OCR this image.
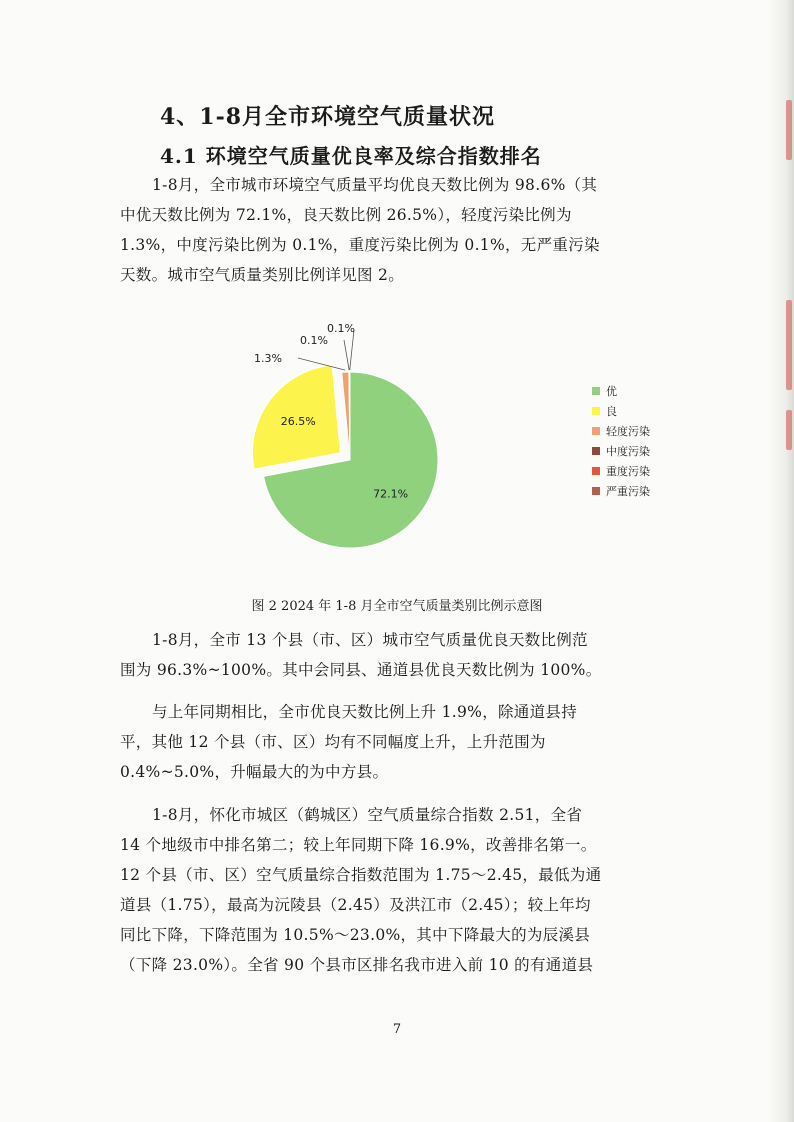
4、1-8月全市环境空气质量状况
4.1 环境空气质量优良率及综合指数排名

1-8月，全市城市环境空气质量平均优良天数比例为 98.6%（其
中优天数比例为 72.1%，良天数比例 26.5%），轻度污染比例为
1.3%，中度污染比例为 0.1%，重度污染比例为 0.1%，无严重污染
天数。城市空气质量类别比例详见图 2。

72.1%
26.5%
1.3%
0.1%
0.1%
优
良
轻度污染
中度污染
重度污染
严重污染
图 2 2024 年 1-8 月全市空气质量类别比例示意图

1-8月，全市 13 个县（市、区）城市空气质量优良天数比例范
围为 96.3%~100%。其中会同县、通道县优良天数比例为 100%。

与上年同期相比，全市优良天数比例上升 1.9%，除通道县持
平，其他 12 个县（市、区）均有不同幅度上升，上升范围为
0.4%~5.0%，升幅最大的为中方县。

1-8月，怀化市城区（鹤城区）空气质量综合指数 2.51，全省
14 个地级市中排名第二；较上年同期下降 16.9%，改善排名第一。
12 个县（市、区）空气质量综合指数范围为 1.75～2.45，最低为通
道县（1.75），最高为沅陵县（2.45）及洪江市（2.45）；较上年均
同比下降，下降范围为 10.5%～23.0%，其中下降最大的为辰溪县
（下降 23.0%）。全省 90 个县市区排名我市进入前 10 的有通道县

7
